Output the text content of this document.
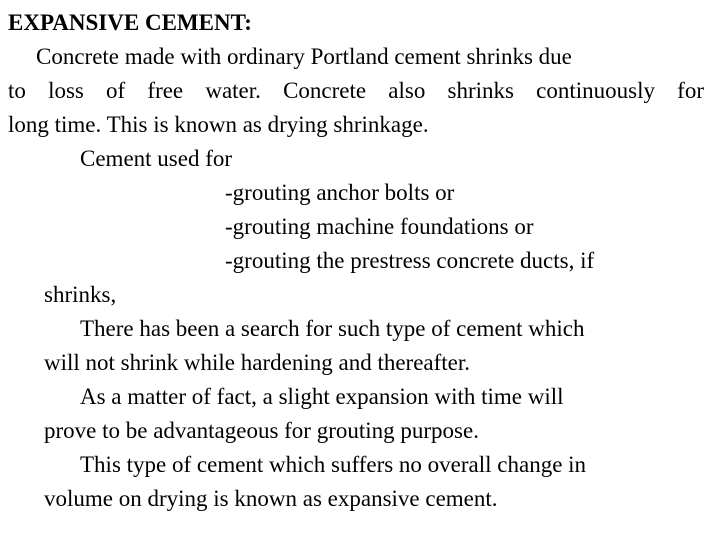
EXPANSIVE CEMENT:
Concrete made with ordinary Portland cement shrinks due
to loss of free water. Concrete also shrinks continuously for
long time. This is known as drying shrinkage.
Cement used for
-grouting anchor bolts or
-grouting machine foundations or
-grouting the prestress concrete ducts, if
shrinks,
There has been a search for such type of cement which
will not shrink while hardening and thereafter.
As a matter of fact, a slight expansion with time will
prove to be advantageous for grouting purpose.
This type of cement which suffers no overall change in
volume on drying is known as expansive cement.
